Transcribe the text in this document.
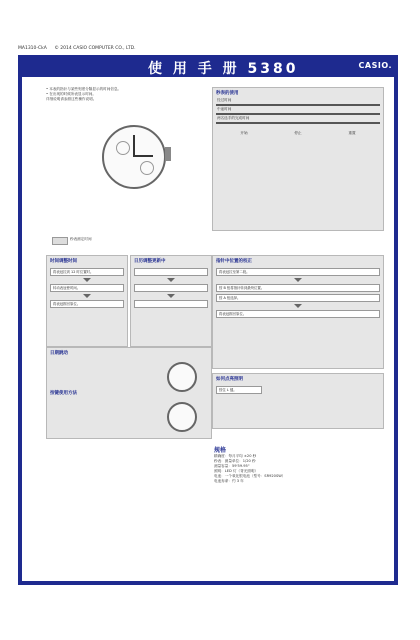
MA1310-CkA © 2014 CASIO COMPUTER CO., LTD.
使 用 手 册 5380	CASIO.
• 本表的指针与某些刻度分隔显示的时间信息。
• 在出现的时候所表显示时间。
详细说明请参照这些操作说明。
秒表测定时间
时间调整时间
将表冠拉到 12 时位置时。
转动表冠使时间。
将表冠推回原位。
日历调整更新中
日期跳动
按键使用方法
秒表的使用
经过时间
中途时间
两名选手的完成时间
开始	停止	重置
指针中位置的校正
将表冠拉至第二段。
按 B 钮将指针转到最终位置。
按 A 钮选择。
将表冠推回原位。
如何点亮照明
按住 L 键。
规格
精确度：每月平均 ±20 秒
秒表：测量单位：1/20 秒
测量容量：59'59.95"
照明：LED 灯（背光照明）
电池：一个氧化银电池（型号：SR920SW）
电池寿命：约 3 年
1
